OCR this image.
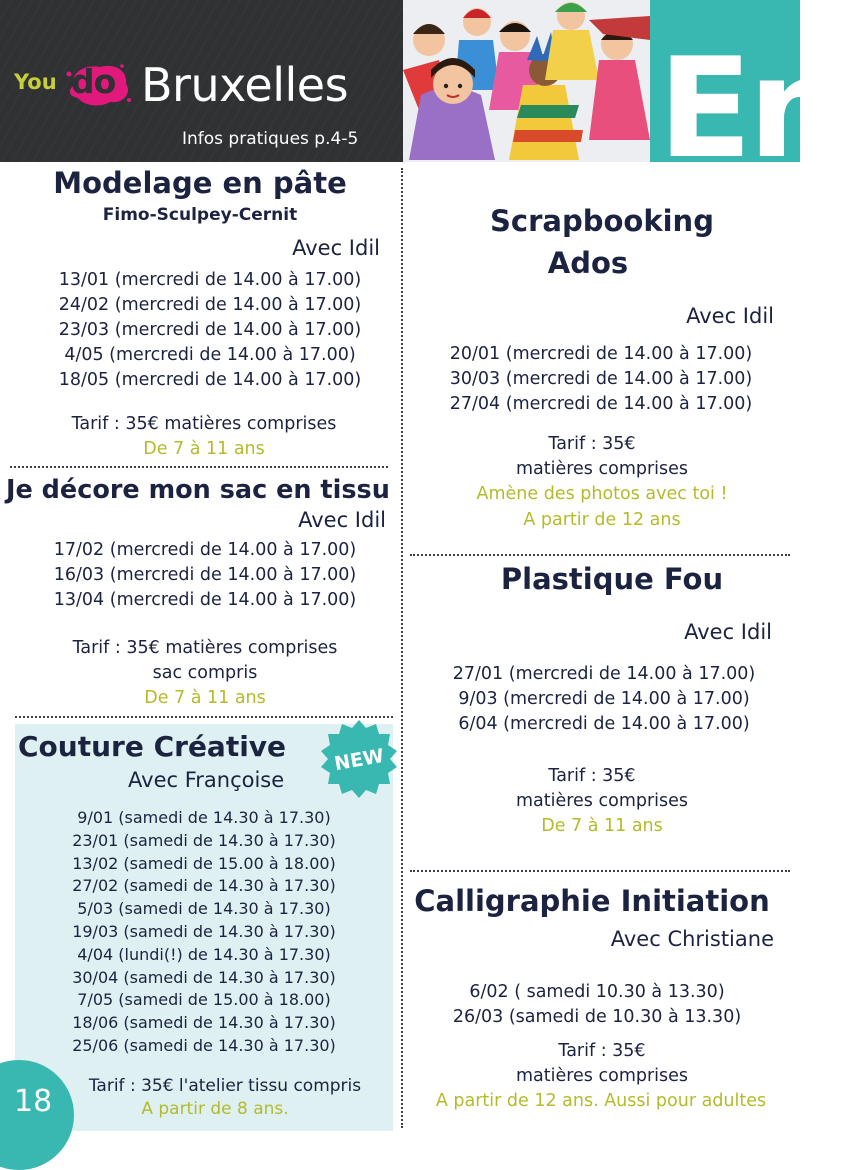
You do Bruxelles
Infos pratiques p.4-5 En
Modelage en pâte
Fimo-Sculpey-Cernit
Avec Idil
13/01 (mercredi de 14.00 à 17.00)
24/02 (mercredi de 14.00 à 17.00)
23/03 (mercredi de 14.00 à 17.00)
4/05 (mercredi de 14.00 à 17.00)
18/05 (mercredi de 14.00 à 17.00)
Tarif : 35€ matières comprises
De 7 à 11 ans
Je décore mon sac en tissu
Avec Idil
17/02 (mercredi de 14.00 à 17.00)
16/03 (mercredi de 14.00 à 17.00)
13/04 (mercredi de 14.00 à 17.00)
Tarif : 35€ matières comprises
sac compris
De 7 à 11 ans
Couture Créative NEW
Avec Françoise
9/01 (samedi de 14.30 à 17.30)
23/01 (samedi de 14.30 à 17.30)
13/02 (samedi de 15.00 à 18.00)
27/02 (samedi de 14.30 à 17.30)
5/03 (samedi de 14.30 à 17.30)
19/03 (samedi de 14.30 à 17.30)
4/04 (lundi(!) de 14.30 à 17.30)
30/04 (samedi de 14.30 à 17.30)
7/05 (samedi de 15.00 à 18.00)
18/06 (samedi de 14.30 à 17.30)
25/06 (samedi de 14.30 à 17.30)
Tarif : 35€ l'atelier tissu compris
A partir de 8 ans.
18
Scrapbooking
Ados
Avec Idil
20/01 (mercredi de 14.00 à 17.00)
30/03 (mercredi de 14.00 à 17.00)
27/04 (mercredi de 14.00 à 17.00)
Tarif : 35€
matières comprises
Amène des photos avec toi !
A partir de 12 ans
Plastique Fou
Avec Idil
27/01 (mercredi de 14.00 à 17.00)
9/03 (mercredi de 14.00 à 17.00)
6/04 (mercredi de 14.00 à 17.00)
Tarif : 35€
matières comprises
De 7 à 11 ans
Calligraphie Initiation
Avec Christiane
6/02 ( samedi 10.30 à 13.30)
26/03 (samedi de 10.30 à 13.30)
Tarif : 35€
matières comprises
A partir de 12 ans. Aussi pour adultes
